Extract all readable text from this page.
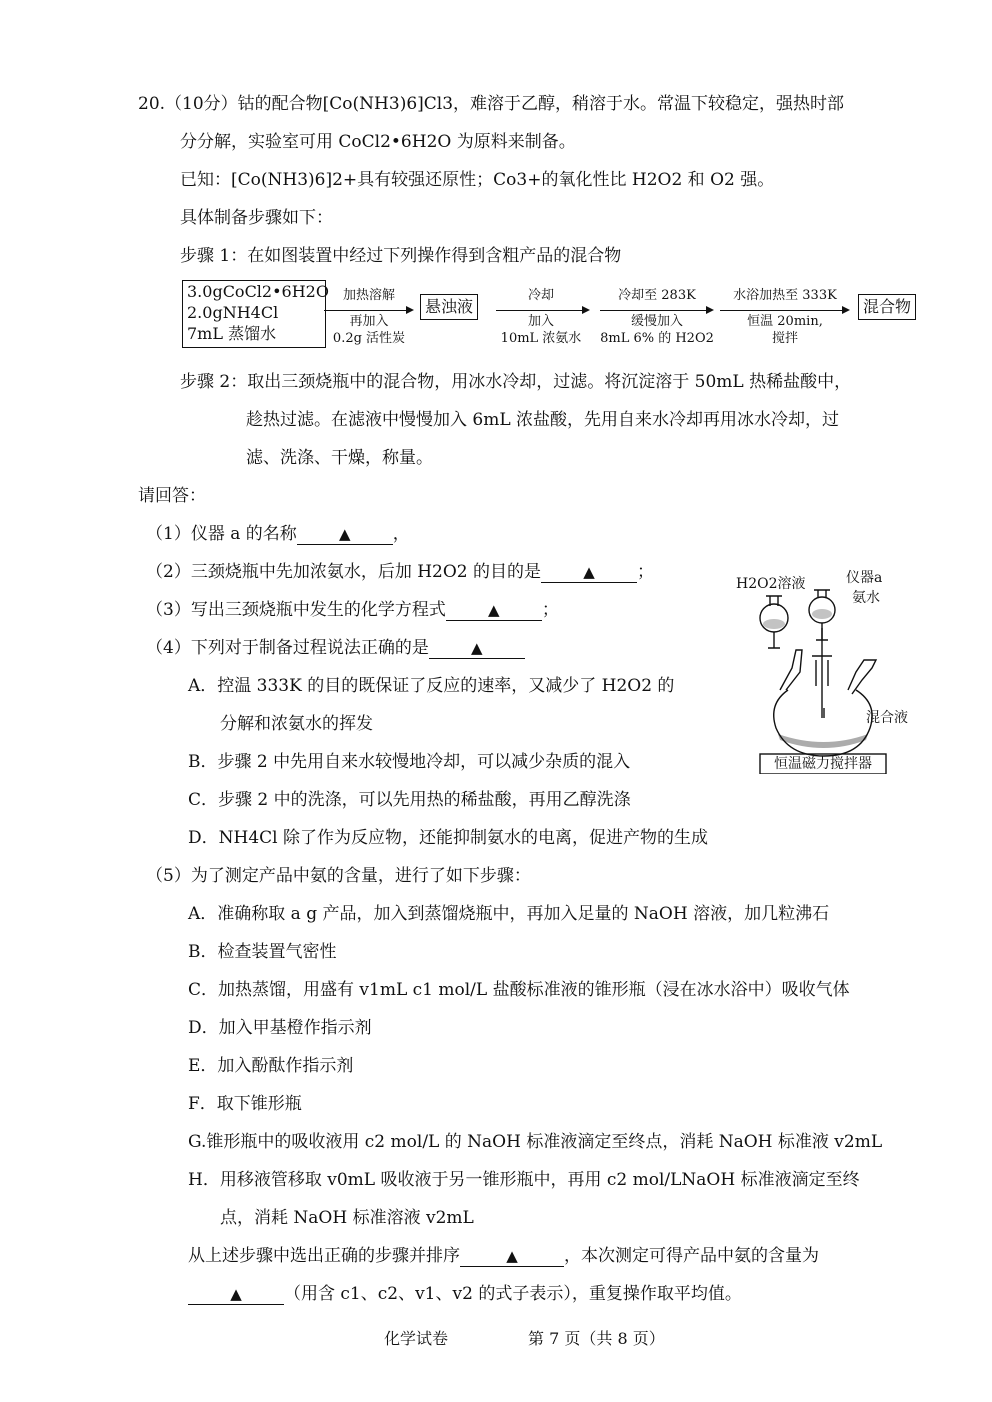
20.（10分）钴的配合物[Co(NH3)6]Cl3，难溶于乙醇，稍溶于水。常温下较稳定，强热时部
分分解，实验室可用 CoCl2•6H2O 为原料来制备。
已知：[Co(NH3)6]2+具有较强还原性；Co3+的氧化性比 H2O2 和 O2 强。
具体制备步骤如下：
步骤 1：在如图装置中经过下列操作得到含粗产品的混合物
3.0gCoCl2•6H2O
2.0gNH4Cl
7mL 蒸馏水
加热溶解
再加入
0.2g 活性炭
悬浊液
冷却
加入
10mL 浓氨水
冷却至 283K
缓慢加入
8mL 6% 的 H2O2
水浴加热至 333K
恒温 20min,
搅拌
混合物
步骤 2：取出三颈烧瓶中的混合物，用冰水冷却，过滤。将沉淀溶于 50mL 热稀盐酸中，
趁热过滤。在滤液中慢慢加入 6mL 浓盐酸，先用自来水冷却再用冰水冷却，过
滤、洗涤、干燥，称量。
请回答：
（1）仪器 a 的名称	▲ ，
（2）三颈烧瓶中先加浓氨水，后加 H2O2 的目的是	▲ ；
（3）写出三颈烧瓶中发生的化学方程式	▲ ；
（4）下列对于制备过程说法正确的是	▲
H2O2溶液	仪器a
氨水
混合液
恒温磁力搅拌器
A．控温 333K 的目的既保证了反应的速率，又减少了 H2O2 的
分解和浓氨水的挥发
B．步骤 2 中先用自来水较慢地冷却，可以减少杂质的混入
C．步骤 2 中的洗涤，可以先用热的稀盐酸，再用乙醇洗涤
D．NH4Cl 除了作为反应物，还能抑制氨水的电离，促进产物的生成
（5）为了测定产品中氨的含量，进行了如下步骤：
A．准确称取 a g 产品，加入到蒸馏烧瓶中，再加入足量的 NaOH 溶液，加几粒沸石
B．检查装置气密性
C．加热蒸馏，用盛有 v1mL c1 mol/L 盐酸标准液的锥形瓶（浸在冰水浴中）吸收气体
D．加入甲基橙作指示剂
E．加入酚酞作指示剂
F．取下锥形瓶
G.锥形瓶中的吸收液用 c2 mol/L 的 NaOH 标准液滴定至终点，消耗 NaOH 标准液 v2mL
H．用移液管移取 v0mL 吸收液于另一锥形瓶中，再用 c2 mol/LNaOH 标准液滴定至终
点，消耗 NaOH 标准溶液 v2mL
从上述步骤中选出正确的步骤并排序	▲	，本次测定可得产品中氨的含量为
▲ （用含 c1、c2、v1、v2 的式子表示），重复操作取平均值。
化学试卷	第 7 页（共 8 页）
